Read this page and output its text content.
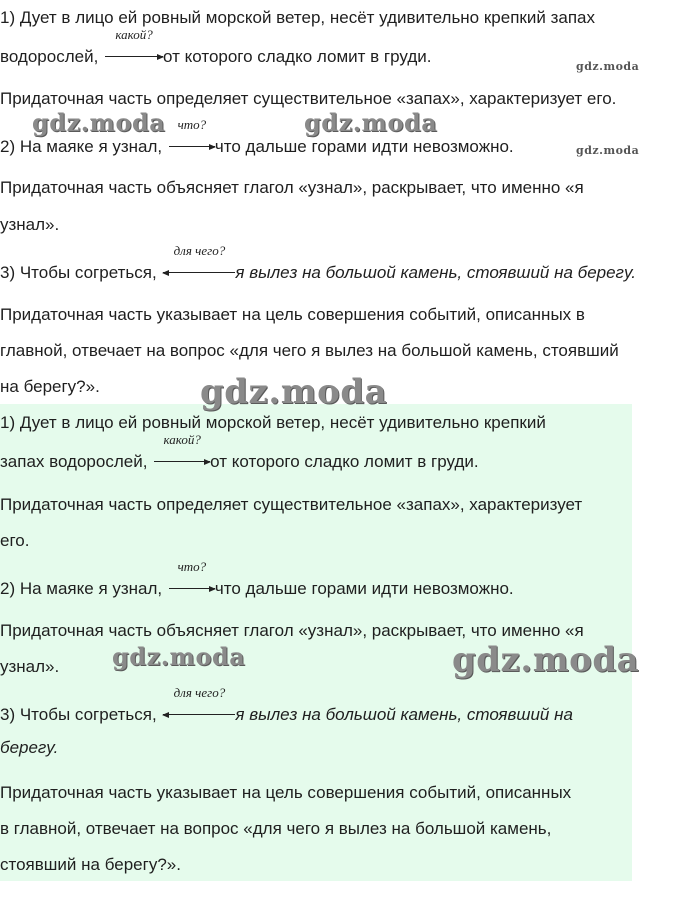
1) Дует в лицо ей ровный морской ветер, несёт удивительно крепкий запах
водорослей,
какой?
от которого сладко ломит в груди.
Придаточная часть определяет существительное «запах», характеризует его.
2) На маяке я узнал,
что?
что дальше горами идти невозможно.
Придаточная часть объясняет глагол «узнал», раскрывает, что именно «я
узнал».
3) Чтобы согреться,
для чего?
я вылез на большой камень, стоявший на берегу.
Придаточная часть указывает на цель совершения событий, описанных в
главной, отвечает на вопрос «для чего я вылез на большой камень, стоявший
на берегу?».
1) Дует в лицо ей ровный морской ветер, несёт удивительно крепкий
запах водорослей,
какой?
от которого сладко ломит в груди.
Придаточная часть определяет существительное «запах», характеризует
его.
2) На маяке я узнал,
что?
что дальше горами идти невозможно.
Придаточная часть объясняет глагол «узнал», раскрывает, что именно «я
узнал».
3) Чтобы согреться,
для чего?
я вылез на большой камень, стоявший на
берегу.
Придаточная часть указывает на цель совершения событий, описанных
в главной, отвечает на вопрос «для чего я вылез на большой камень,
стоявший на берегу?».
gdz.moda
gdz.moda	gdz.moda
gdz.moda
gdz.moda
gdz.moda	gdz.moda
